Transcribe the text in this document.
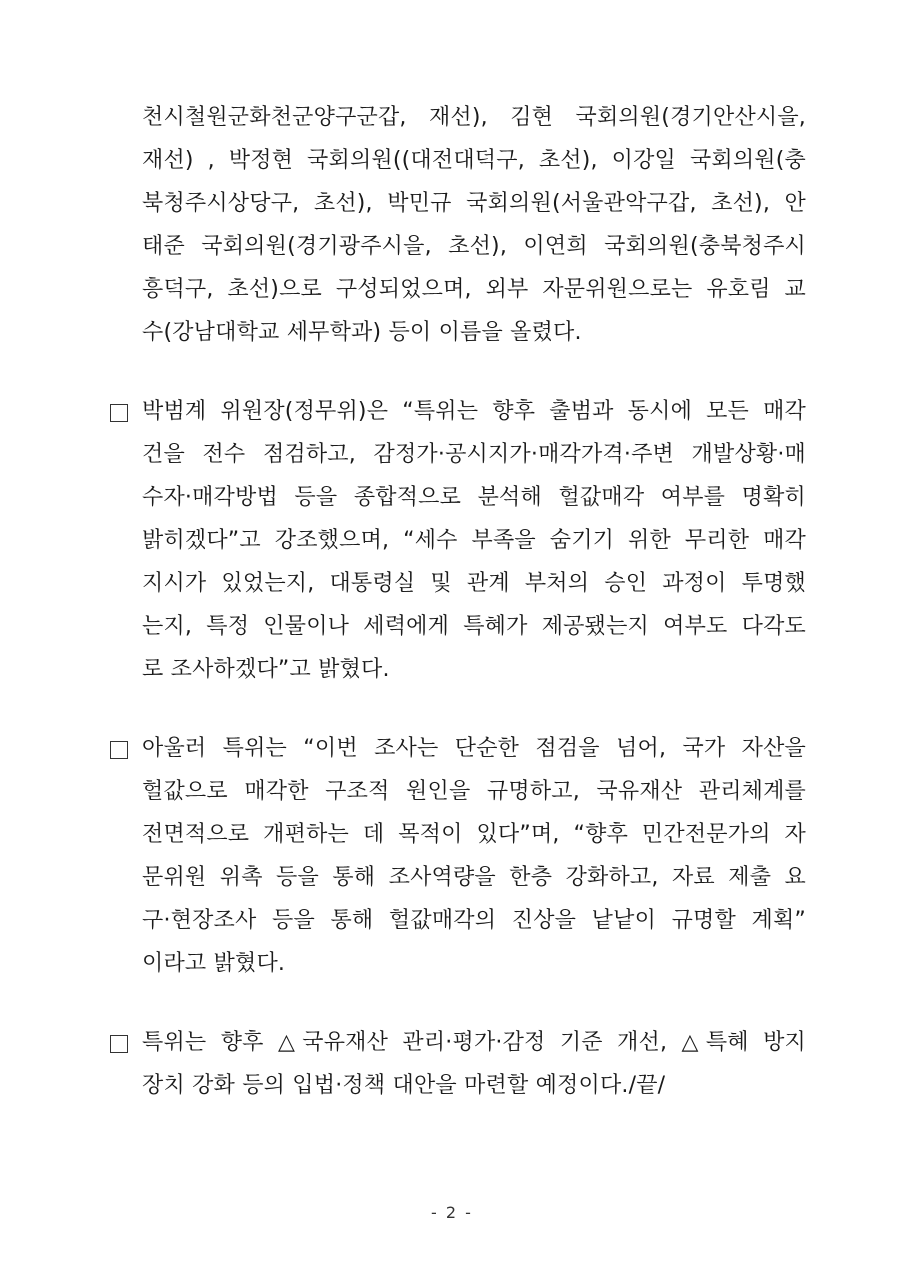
천시철원군화천군양구군갑, 재선), 김현 국회의원(경기안산시을,
재선) , 박정현 국회의원((대전대덕구, 초선), 이강일 국회의원(충
북청주시상당구, 초선), 박민규 국회의원(서울관악구갑, 초선), 안
태준 국회의원(경기광주시을, 초선), 이연희 국회의원(충북청주시
흥덕구, 초선)으로 구성되었으며, 외부 자문위원으로는 유호림 교
수(강남대학교 세무학과) 등이 이름을 올렸다.
박범계 위원장(정무위)은 “특위는 향후 출범과 동시에 모든 매각
건을 전수 점검하고, 감정가·공시지가·매각가격·주변 개발상황·매
수자·매각방법 등을 종합적으로 분석해 헐값매각 여부를 명확히
밝히겠다”고 강조했으며, “세수 부족을 숨기기 위한 무리한 매각
지시가 있었는지, 대통령실 및 관계 부처의 승인 과정이 투명했
는지, 특정 인물이나 세력에게 특혜가 제공됐는지 여부도 다각도
로 조사하겠다”고 밝혔다.
아울러 특위는 “이번 조사는 단순한 점검을 넘어, 국가 자산을
헐값으로 매각한 구조적 원인을 규명하고, 국유재산 관리체계를
전면적으로 개편하는 데 목적이 있다”며, “향후 민간전문가의 자
문위원 위촉 등을 통해 조사역량을 한층 강화하고, 자료 제출 요
구·현장조사 등을 통해 헐값매각의 진상을 낱낱이 규명할 계획”
이라고 밝혔다.
특위는 향후 △국유재산 관리·평가·감정 기준 개선, △특혜 방지
장치 강화 등의 입법·정책 대안을 마련할 예정이다./끝/
- 2 -
